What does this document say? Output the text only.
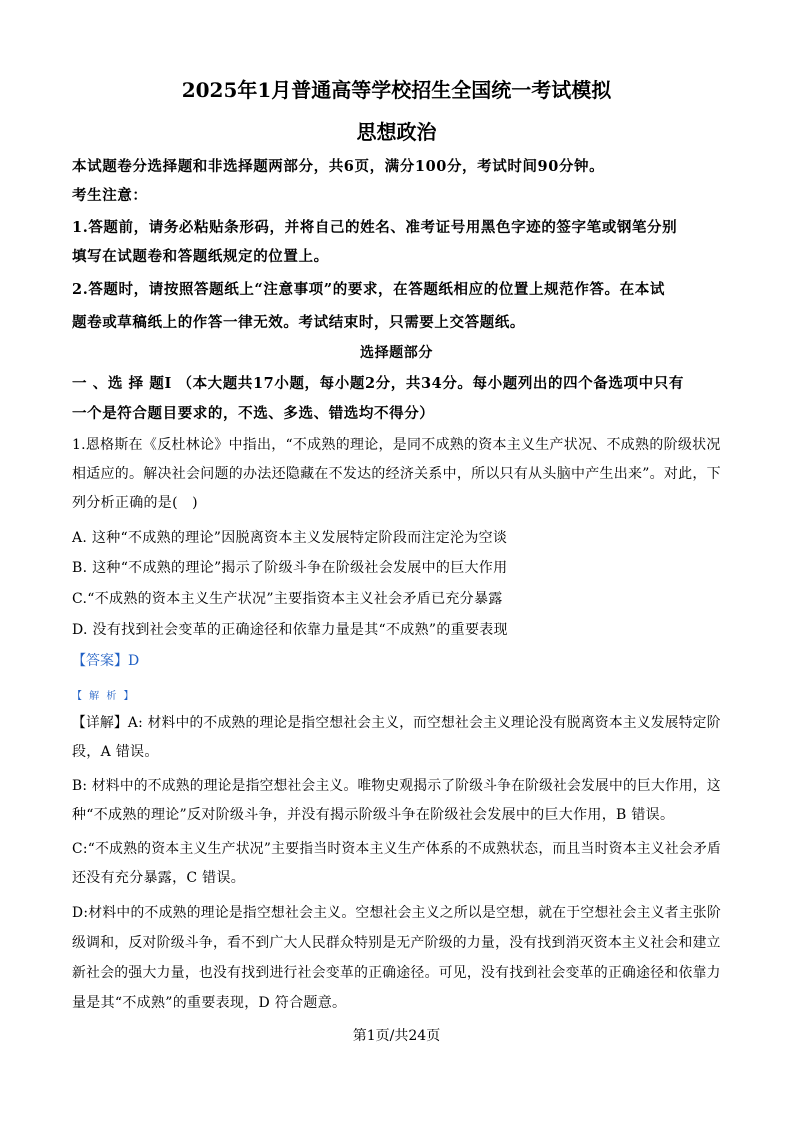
2025年1月普通高等学校招生全国统一考试模拟
思想政治
本试题卷分选择题和非选择题两部分，共6页，满分100分，考试时间90分钟。
考生注意：
1.答题前，请务必粘贴条形码，并将自己的姓名、准考证号用黑色字迹的签字笔或钢笔分别
填写在试题卷和答题纸规定的位置上。
2.答题时，请按照答题纸上“注意事项”的要求，在答题纸相应的位置上规范作答。在本试
题卷或草稿纸上的作答一律无效。考试结束时，只需要上交答题纸。
选择题部分
一 、选 择 题Ⅰ （本大题共17小题，每小题2分，共34分。每小题列出的四个备选项中只有
一个是符合题目要求的，不选、多选、错选均不得分）
1.恩格斯在《反杜林论》中指出，“不成熟的理论，是同不成熟的资本主义生产状况、不成熟的阶级状况
相适应的。解决社会问题的办法还隐藏在不发达的经济关系中，所以只有从头脑中产生出来”。对此，下
列分析正确的是(　)
A. 这种“不成熟的理论”因脱离资本主义发展特定阶段而注定沦为空谈
B. 这种“不成熟的理论”揭示了阶级斗争在阶级社会发展中的巨大作用
C.“不成熟的资本主义生产状况”主要指资本主义社会矛盾已充分暴露
D. 没有找到社会变革的正确途径和依靠力量是其“不成熟”的重要表现
【答案】D
【 解 析 】
【详解】A: 材料中的不成熟的理论是指空想社会主义，而空想社会主义理论没有脱离资本主义发展特定阶
段，A 错误。
B: 材料中的不成熟的理论是指空想社会主义。唯物史观揭示了阶级斗争在阶级社会发展中的巨大作用，这
种“不成熟的理论”反对阶级斗争，并没有揭示阶级斗争在阶级社会发展中的巨大作用，B 错误。
C:“不成熟的资本主义生产状况”主要指当时资本主义生产体系的不成熟状态，而且当时资本主义社会矛盾
还没有充分暴露，C 错误。
D:材料中的不成熟的理论是指空想社会主义。空想社会主义之所以是空想，就在于空想社会主义者主张阶
级调和，反对阶级斗争，看不到广大人民群众特别是无产阶级的力量，没有找到消灭资本主义社会和建立
新社会的强大力量，也没有找到进行社会变革的正确途径。可见，没有找到社会变革的正确途径和依靠力
量是其“不成熟”的重要表现，D 符合题意。
第1页/共24页
